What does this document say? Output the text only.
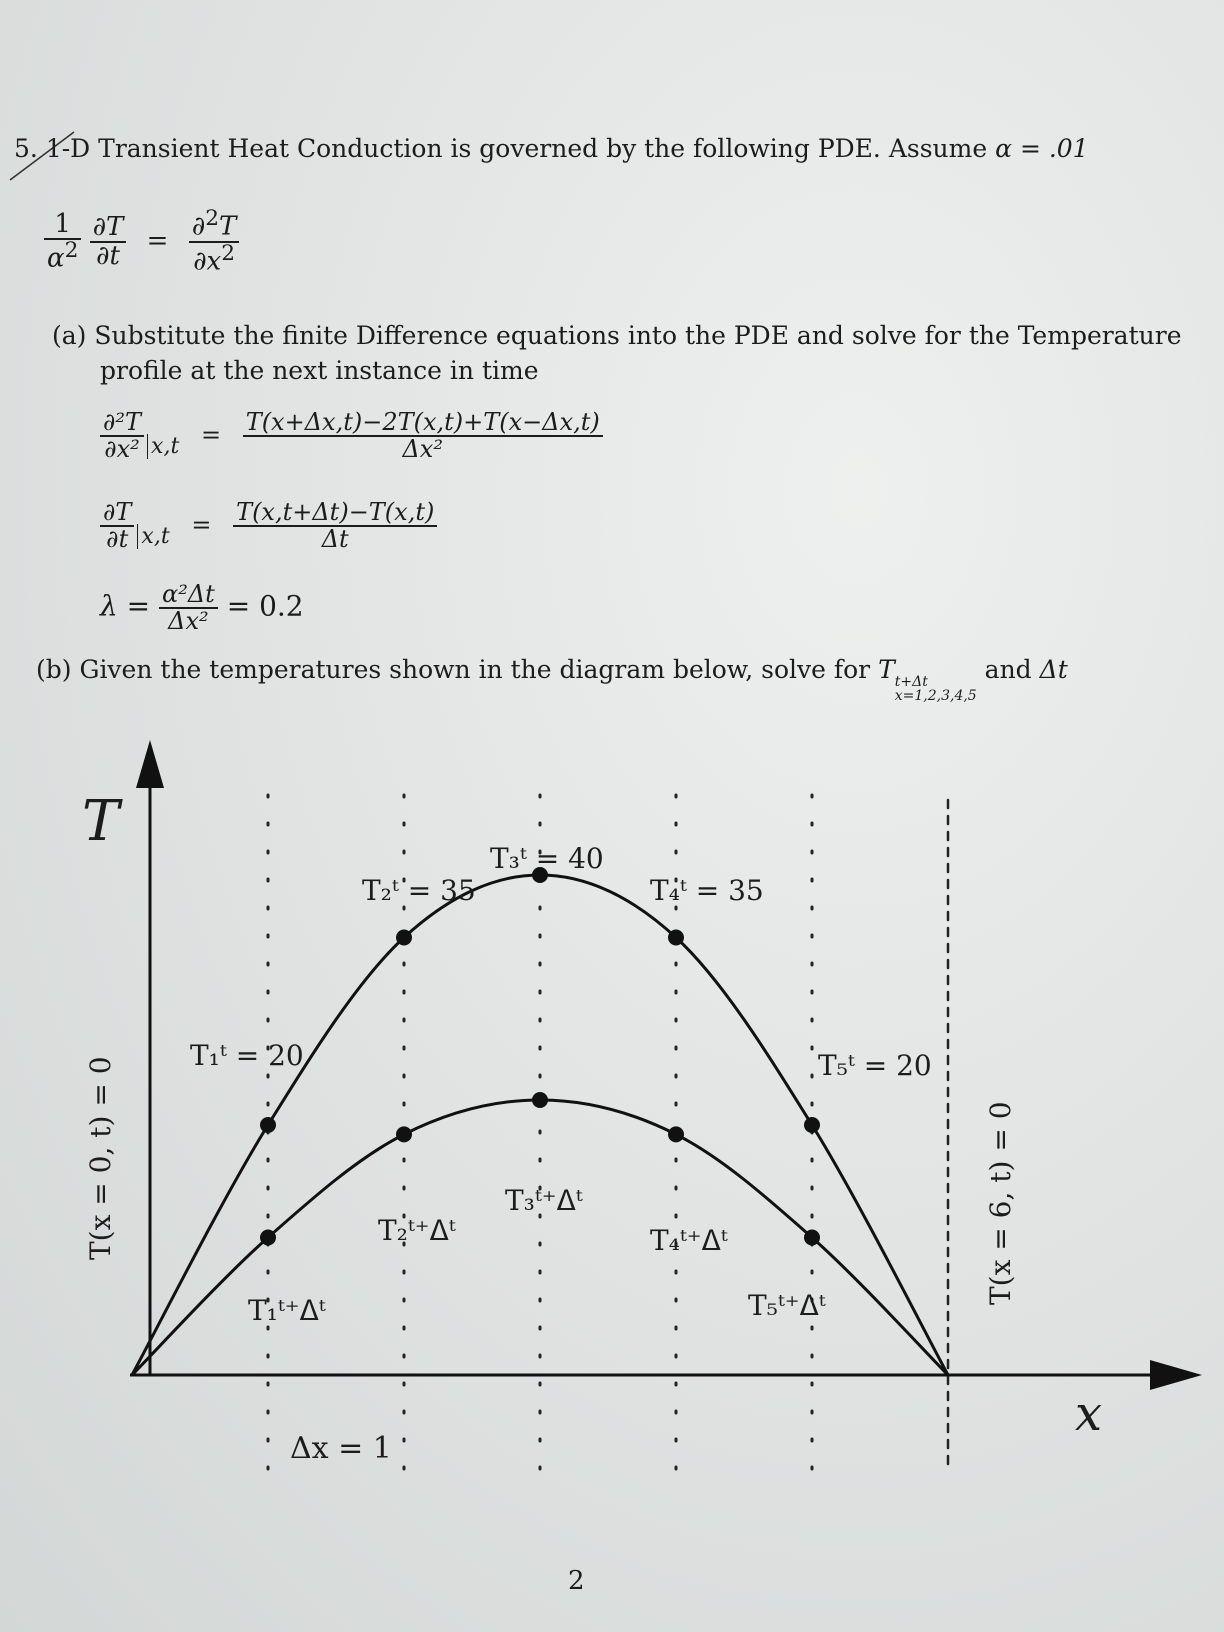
5. 1-D Transient Heat Conduction is governed by the following PDE. Assume α = .01
$\frac{1}{\alpha^2}$
$\frac{\partial T}{\partial t} = \frac{\partial^2T}{\partial x^2}$
(a) Substitute the finite Difference equations into the PDE and solve for the Temperature
profile at the next instance in time
$\frac{\text{∂²T}}{\text{∂x²}} x,t = \frac{T(x+\Delta x,t)-2T(x,t)+T(x-\Delta x,t)}{\text{Δx²}}$
$\frac{\partial T}{\partial t} x,t = \frac{T(x,t+\Delta t)-T(x,t)}{\Delta t}$
$\lambda = \frac{\text{α²Δt}}{\text{Δx²}} = 0.2$
(b) Given the temperatures shown in the diagram below, solve for T t+Δt
x=1,2,3,4,5
and Δt
T
x
T(x = 0, t) = 0	T(x = 6, t) = 0
Δx = 1
T₁ᵗ = 20
T₂ᵗ = 35
T₃ᵗ = 40
T₄ᵗ = 35
T₅ᵗ = 20
T₁ᵗ⁺ᐃᵗ
T₂ᵗ⁺ᐃᵗ
T₃ᵗ⁺ᐃᵗ
T₄ᵗ⁺ᐃᵗ
T₅ᵗ⁺ᐃᵗ
2
